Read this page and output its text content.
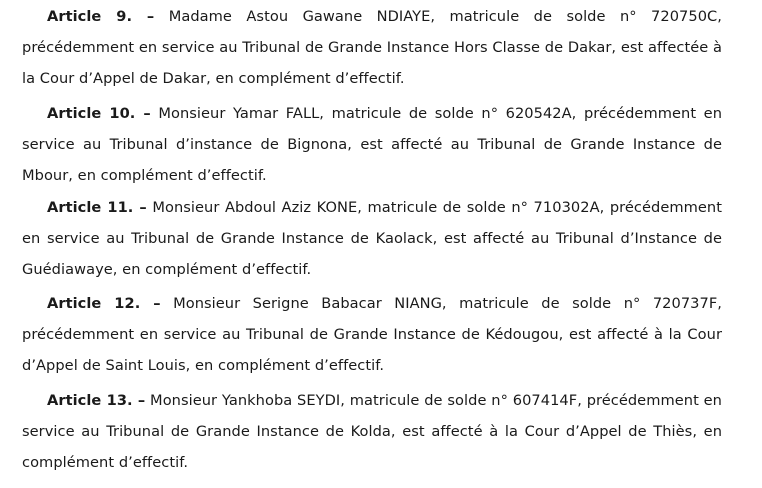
Article 9. – Madame Astou Gawane NDIAYE, matricule de solde n° 720750C, précédemment en service au Tribunal de Grande Instance Hors Classe de Dakar, est affectée à la Cour d’Appel de Dakar, en complément d’effectif.

Article 10. – Monsieur Yamar FALL, matricule de solde n° 620542A, précédemment en service au Tribunal d’instance de Bignona, est affecté au Tribunal de Grande Instance de Mbour, en complément d’effectif.

Article 11. – Monsieur Abdoul Aziz KONE, matricule de solde n° 710302A, précédemment en service au Tribunal de Grande Instance de Kaolack, est affecté au Tribunal d’Instance de Guédiawaye, en complément d’effectif.

Article 12. – Monsieur Serigne Babacar NIANG, matricule de solde n° 720737F, précédemment en service au Tribunal de Grande Instance de Kédougou, est affecté à la Cour d’Appel de Saint Louis, en complément d’effectif.

Article 13. – Monsieur Yankhoba SEYDI, matricule de solde n° 607414F, précédemment en service au Tribunal de Grande Instance de Kolda, est affecté à la Cour d’Appel de Thiès, en complément d’effectif.
